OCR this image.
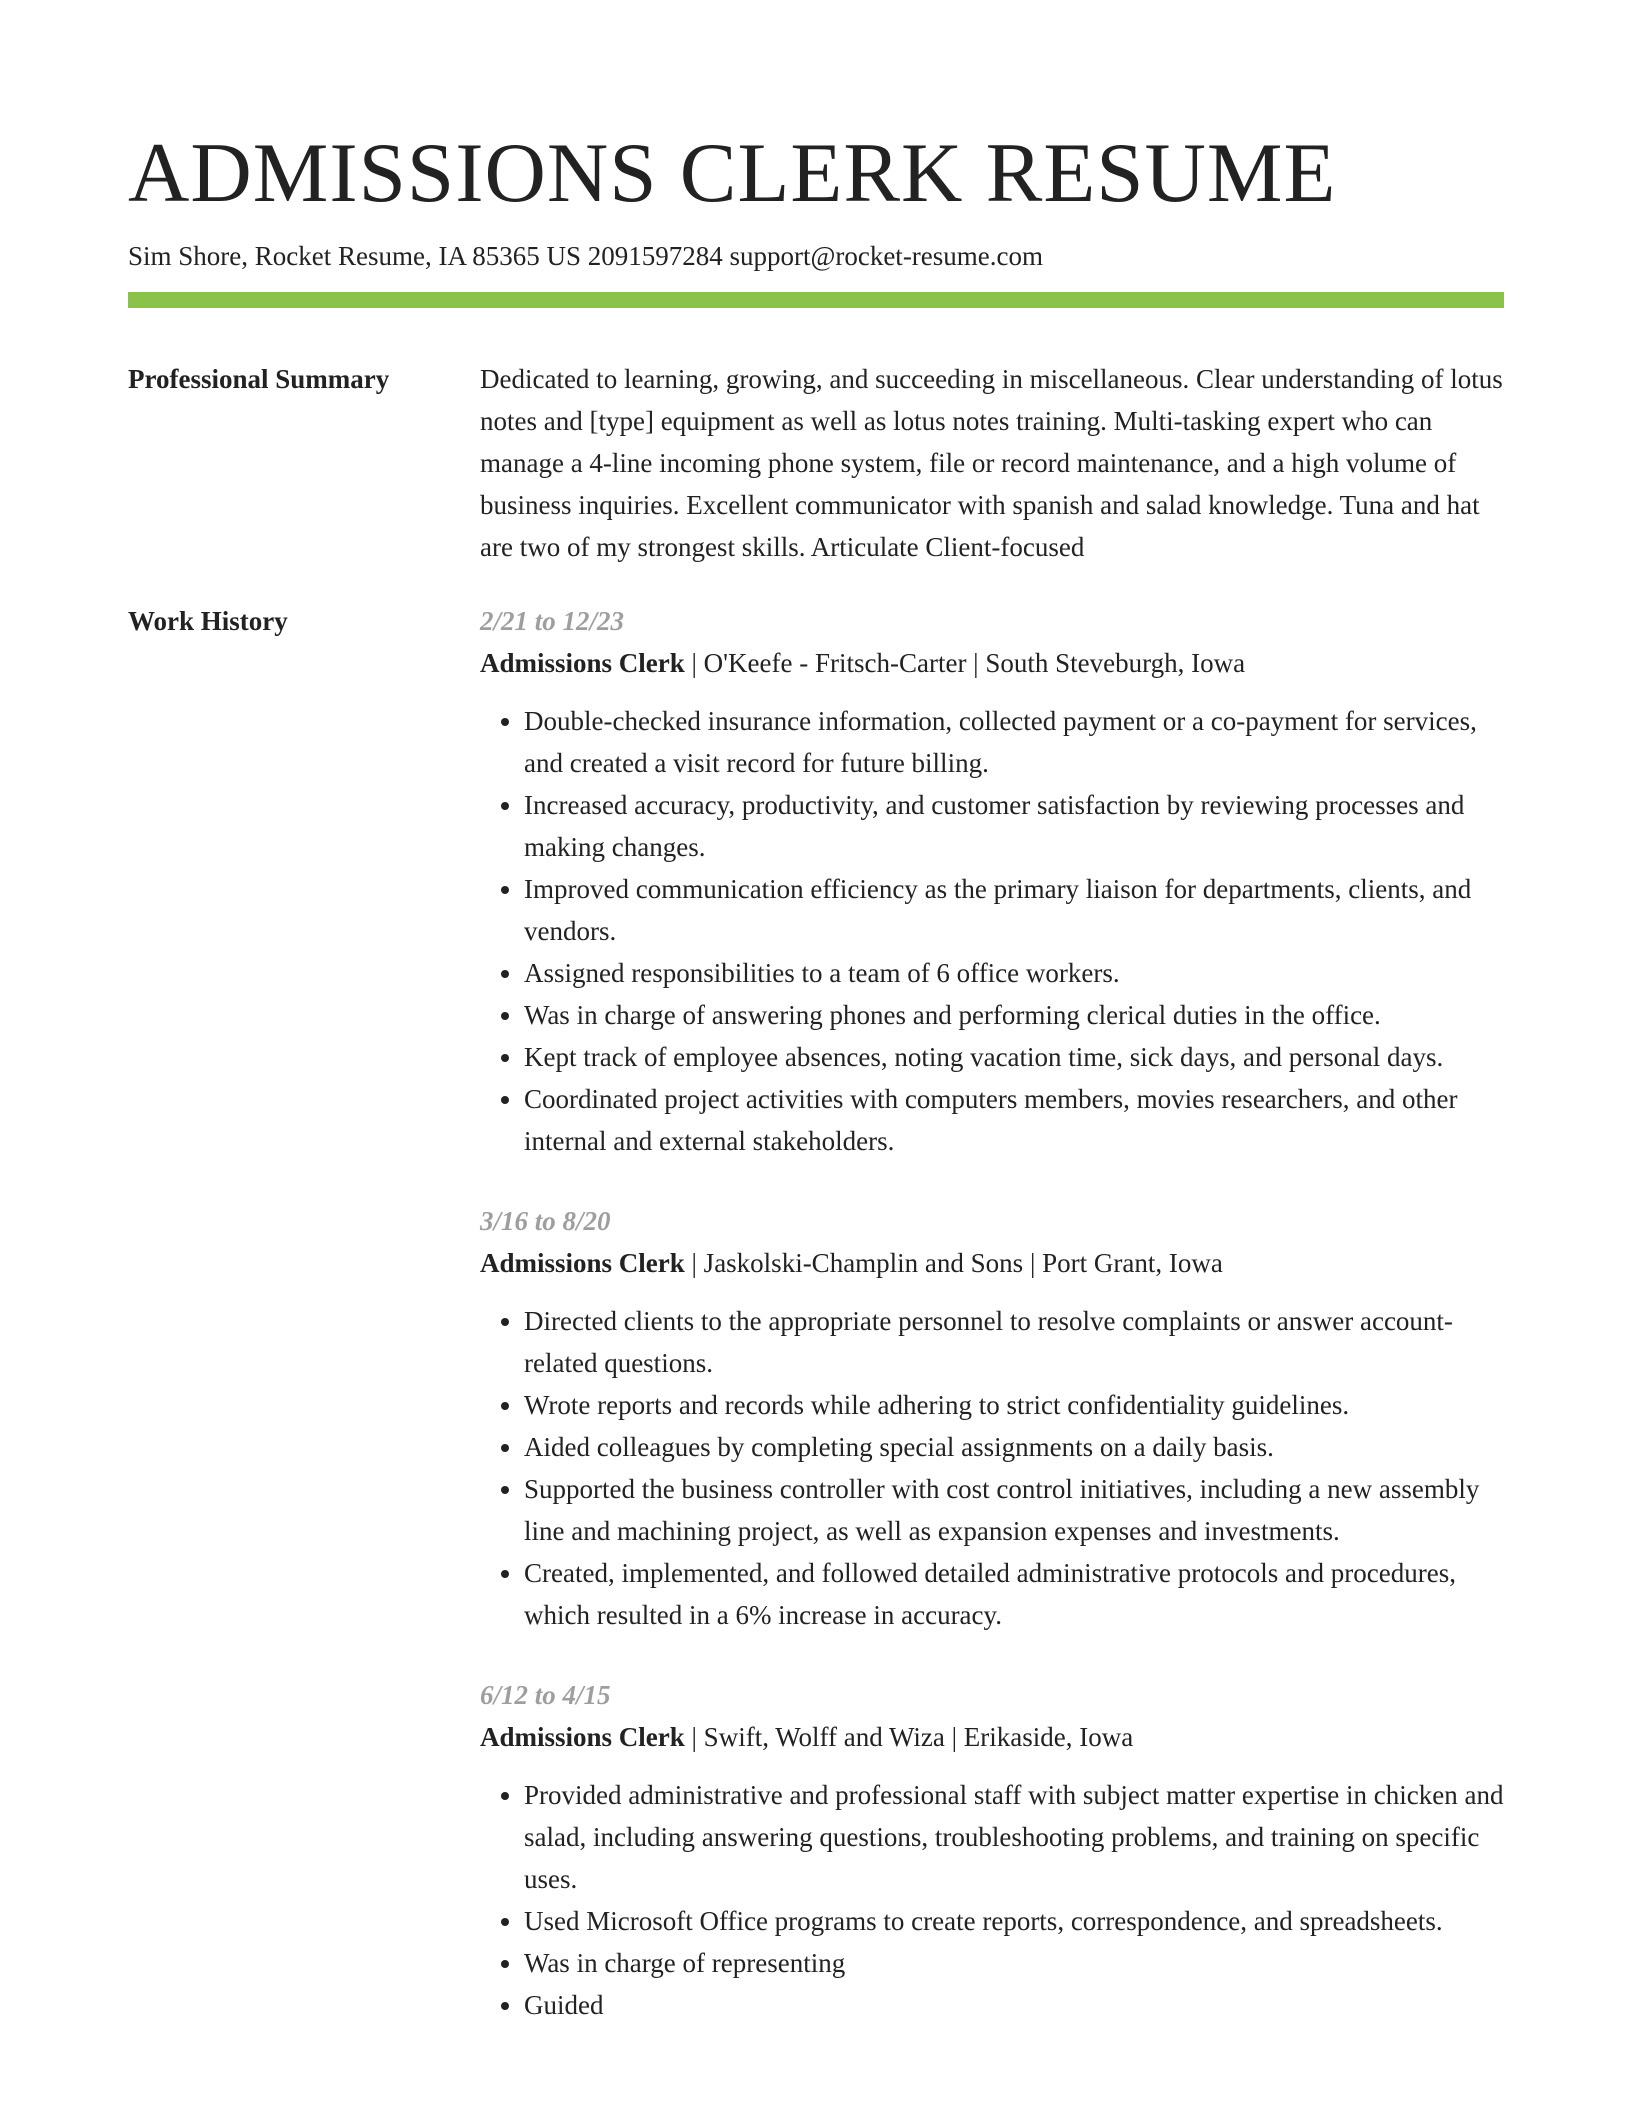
ADMISSIONS CLERK RESUME
Sim Shore, Rocket Resume, IA 85365 US 2091597284 support@rocket-resume.com
Professional Summary	Dedicated to learning, growing, and succeeding in miscellaneous. Clear understanding of lotus notes and [type] equipment as well as lotus notes training. Multi-tasking expert who can manage a 4-line incoming phone system, file or record maintenance, and a high volume of business inquiries. Excellent communicator with spanish and salad knowledge. Tuna and hat are two of my strongest skills. Articulate Client-focused
Work History	2/21 to 12/23
Admissions Clerk | O'Keefe - Fritsch-Carter | South Steveburgh, Iowa
• Double-checked insurance information, collected payment or a co-payment for services, and created a visit record for future billing.
• Increased accuracy, productivity, and customer satisfaction by reviewing processes and making changes.
• Improved communication efficiency as the primary liaison for departments, clients, and vendors.
• Assigned responsibilities to a team of 6 office workers.
• Was in charge of answering phones and performing clerical duties in the office.
• Kept track of employee absences, noting vacation time, sick days, and personal days.
• Coordinated project activities with computers members, movies researchers, and other internal and external stakeholders.
3/16 to 8/20
Admissions Clerk | Jaskolski-Champlin and Sons | Port Grant, Iowa
• Directed clients to the appropriate personnel to resolve complaints or answer account-related questions.
• Wrote reports and records while adhering to strict confidentiality guidelines.
• Aided colleagues by completing special assignments on a daily basis.
• Supported the business controller with cost control initiatives, including a new assembly line and machining project, as well as expansion expenses and investments.
• Created, implemented, and followed detailed administrative protocols and procedures, which resulted in a 6% increase in accuracy.
6/12 to 4/15
Admissions Clerk | Swift, Wolff and Wiza | Erikaside, Iowa
• Provided administrative and professional staff with subject matter expertise in chicken and salad, including answering questions, troubleshooting problems, and training on specific uses.
• Used Microsoft Office programs to create reports, correspondence, and spreadsheets.
• Was in charge of representing
• Guided
